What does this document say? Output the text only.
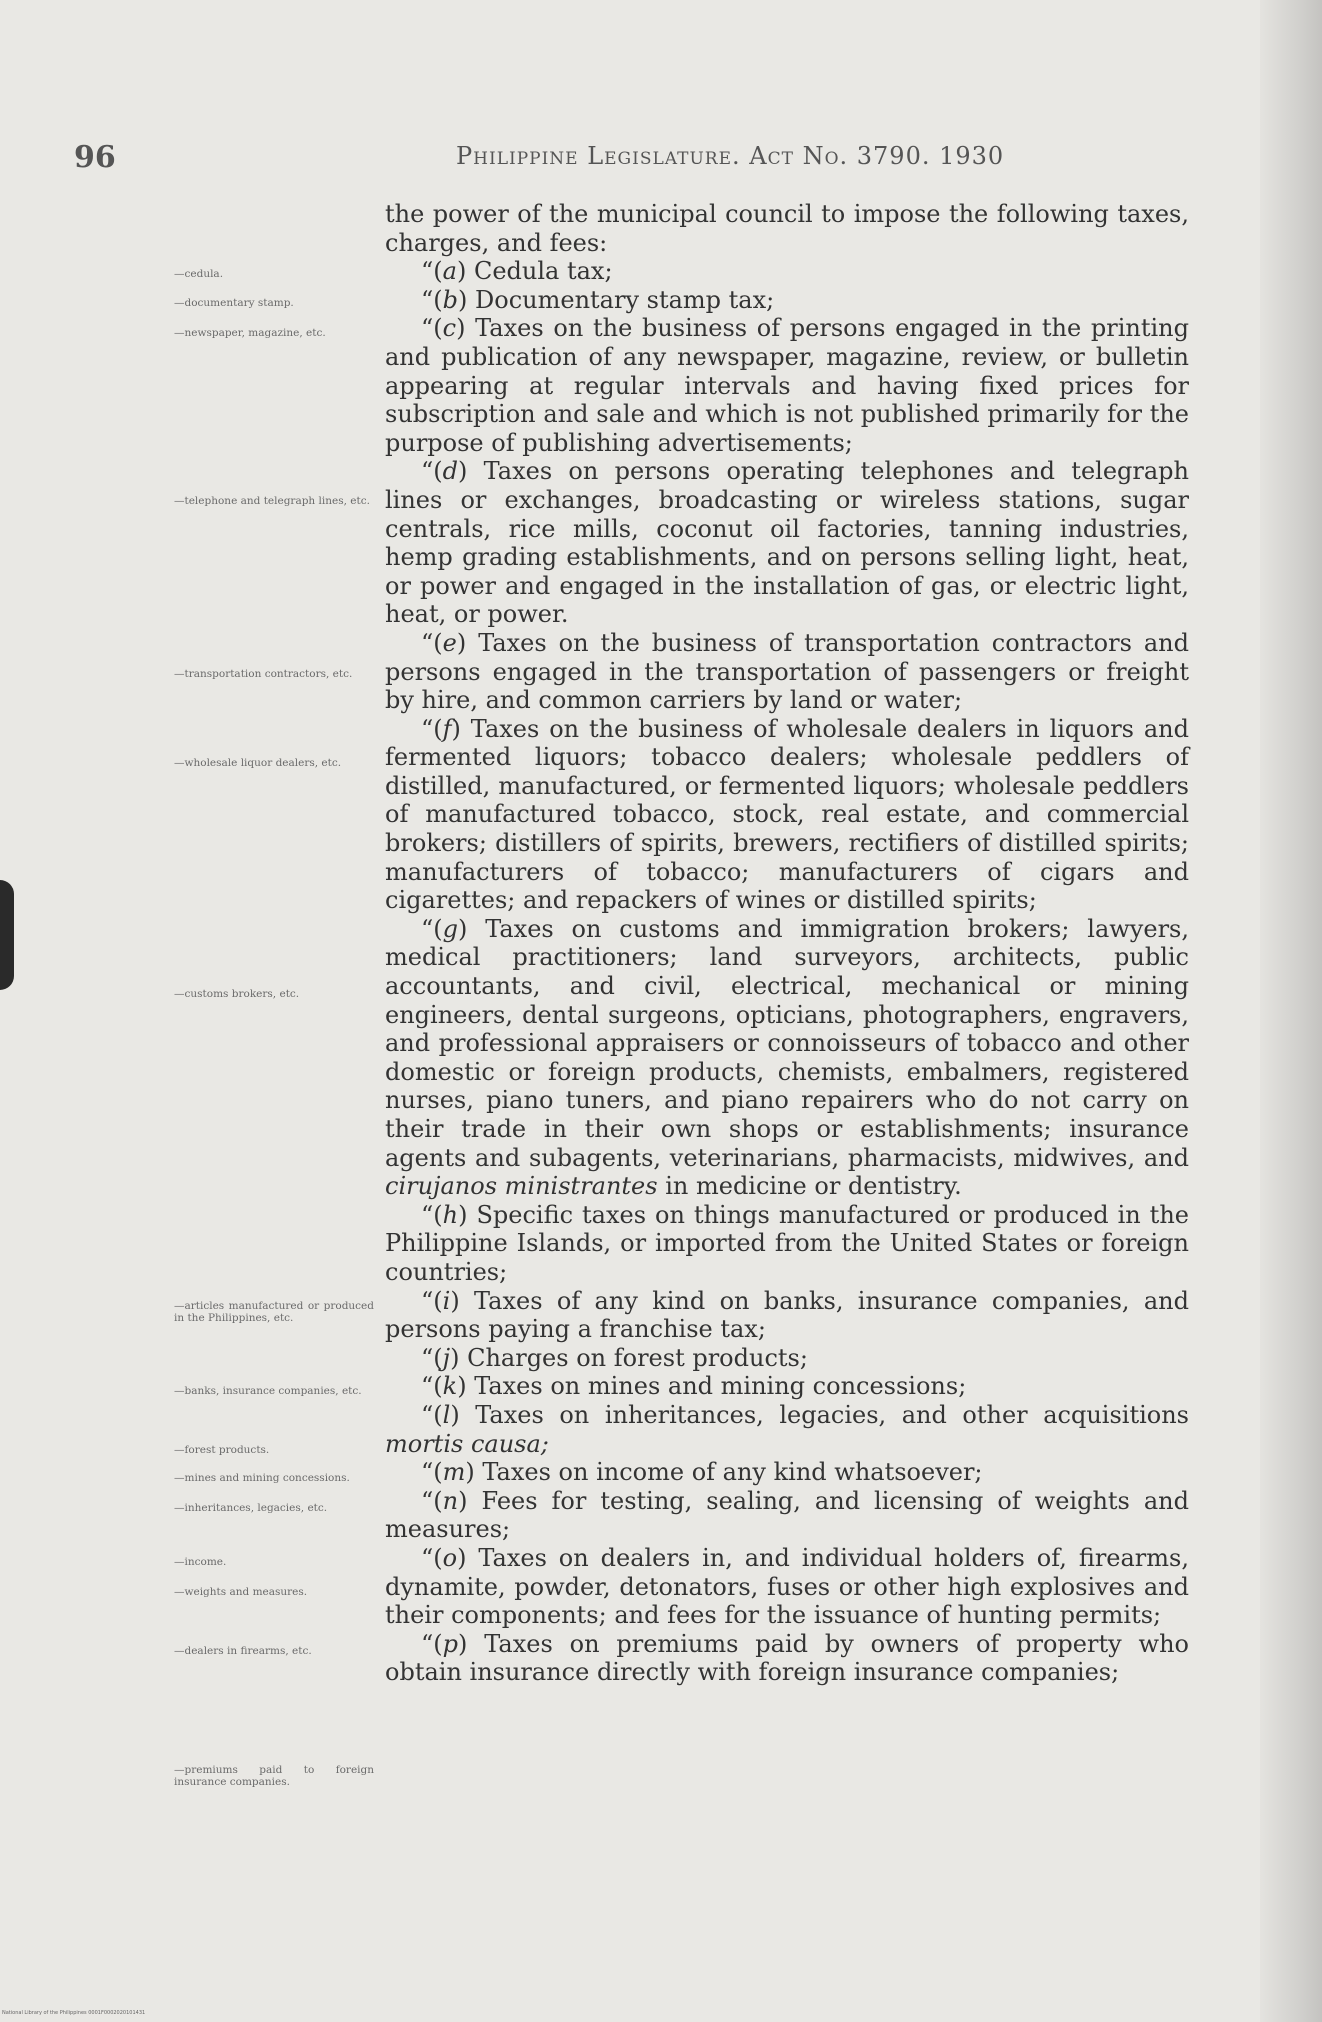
96	Philippine Legislature. Act No. 3790. 1930

the power of the municipal council to impose the following taxes, charges, and fees:

“(a) Cedula tax;

“(b) Documentary stamp tax;

“(c) Taxes on the business of persons engaged in the printing and publication of any newspaper, magazine, review, or bulletin appearing at regular intervals and having fixed prices for subscription and sale and which is not published primarily for the purpose of publishing advertisements;

“(d) Taxes on persons operating telephones and telegraph lines or exchanges, broadcasting or wireless stations, sugar centrals, rice mills, coconut oil factories, tanning industries, hemp grading establishments, and on persons selling light, heat, or power and engaged in the installation of gas, or electric light, heat, or power.

“(e) Taxes on the business of transportation contractors and persons engaged in the transportation of passengers or freight by hire, and common carriers by land or water;

“(f) Taxes on the business of wholesale dealers in liquors and fermented liquors; tobacco dealers; wholesale peddlers of distilled, manufactured, or fermented liquors; wholesale peddlers of manufactured tobacco, stock, real estate, and commercial brokers; distillers of spirits, brewers, rectifiers of distilled spirits; manufacturers of tobacco; manufacturers of cigars and cigarettes; and repackers of wines or distilled spirits;

“(g) Taxes on customs and immigration brokers; lawyers, medical practitioners; land surveyors, architects, public accountants, and civil, electrical, mechanical or mining engineers, dental surgeons, opticians, photographers, engravers, and professional appraisers or connoisseurs of tobacco and other domestic or foreign products, chemists, embalmers, registered nurses, piano tuners, and piano repairers who do not carry on their trade in their own shops or establishments; insurance agents and subagents, veterinarians, pharmacists, midwives, and cirujanos ministrantes in medicine or dentistry.

“(h) Specific taxes on things manufactured or produced in the Philippine Islands, or imported from the United States or foreign countries;

“(i) Taxes of any kind on banks, insurance companies, and persons paying a franchise tax;

“(j) Charges on forest products;

“(k) Taxes on mines and mining concessions;

“(l) Taxes on inheritances, legacies, and other acquisitions mortis causa;

“(m) Taxes on income of any kind whatsoever;

“(n) Fees for testing, sealing, and licensing of weights and measures;

“(o) Taxes on dealers in, and individual holders of, firearms, dynamite, powder, detonators, fuses or other high explosives and their components; and fees for the issuance of hunting permits;

“(p) Taxes on premiums paid by owners of property who obtain insurance directly with foreign insurance companies;

—cedula.
—documentary stamp.
—newspaper, magazine, etc.
—telephone and telegraph lines, etc.
—transportation contractors, etc.
—wholesale liquor dealers, etc.
—customs brokers, etc.
—articles manufactured or produced in the Philippines, etc.
—banks, insurance companies, etc.
—forest products.
—mines and mining concessions.
—inheritances, legacies, etc.
—income.
—weights and measures.
—dealers in firearms, etc.
—premiums paid to foreign insurance companies.
National Library of the Philippines 0001F0002020101431
